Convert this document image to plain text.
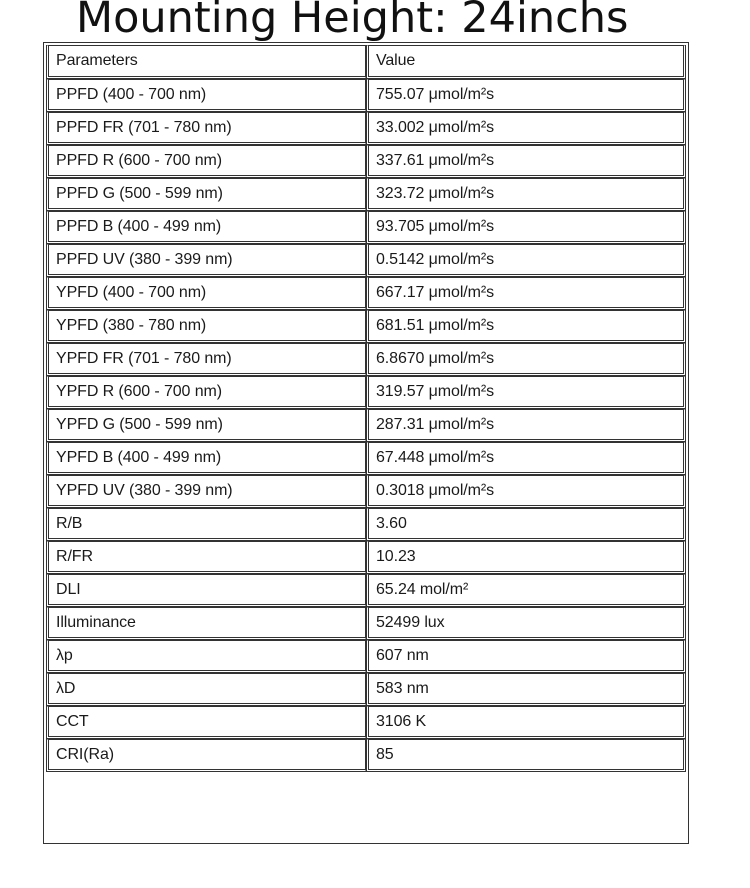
Mounting Height: 24inchs
Parameters	Value
PPFD (400 - 700 nm)	755.07 μmol/m²s
PPFD FR (701 - 780 nm)	33.002 μmol/m²s
PPFD R (600 - 700 nm)	337.61 μmol/m²s
PPFD G (500 - 599 nm)	323.72 μmol/m²s
PPFD B (400 - 499 nm)	93.705 μmol/m²s
PPFD UV (380 - 399 nm)	0.5142 μmol/m²s
YPFD (400 - 700 nm)	667.17 μmol/m²s
YPFD (380 - 780 nm)	681.51 μmol/m²s
YPFD FR (701 - 780 nm)	6.8670 μmol/m²s
YPFD R (600 - 700 nm)	319.57 μmol/m²s
YPFD G (500 - 599 nm)	287.31 μmol/m²s
YPFD B (400 - 499 nm)	67.448 μmol/m²s
YPFD UV (380 - 399 nm)	0.3018 μmol/m²s
R/B	3.60
R/FR	10.23
DLI	65.24 mol/m²
Illuminance	52499 lux
λp	607 nm
λD	583 nm
CCT	3106 K
CRI(Ra)	85
